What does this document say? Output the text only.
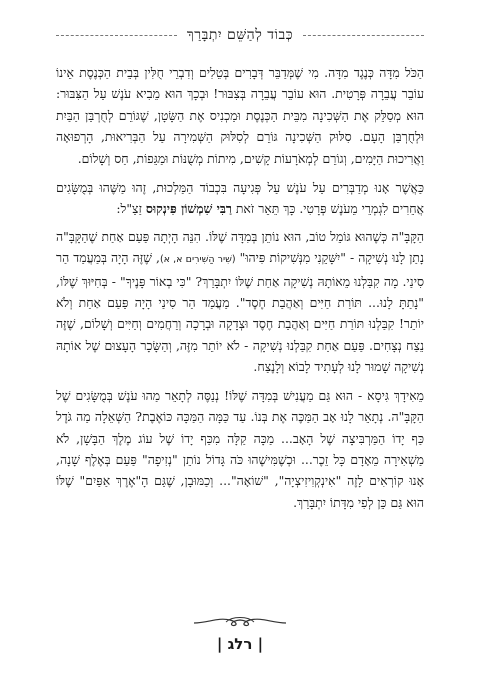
כְּבוֹד לְהַשֵּׁם יִתְבָּרַךְ

הַכֹּל מִדָּה כְּנֶגֶד מִדָּה. מִי שֶׁמְּדַבֵּר דְּבָרִים בְּטֵלִים וְדִבְרֵי חֻלִּין בְּבֵית הַכְּנֶסֶת אֵינוֹ עוֹבֵר עֲבֵרָה פְּרָטִית. הוּא עוֹבֵר עֲבֵרָה בְּצִבּוּר! וּבְכָךְ הוּא מֵבִיא עֹנֶשׁ עַל הַצִּבּוּר: הוּא מְסַלֵּק אֶת הַשְּׁכִינָה מִבֵּית הַכְּנֶסֶת וּמַכְנִיס אֶת הַשָּׂטָן, שֶׁגּוֹרֵם לְחֻרְבַּן הַבַּיִת וּלְחֻרְבַּן הָעָם. סִלּוּק הַשְּׁכִינָה גּוֹרֵם לְסִלּוּק הַשְּׁמִירָה עַל הַבְּרִיאוּת, הָרְפוּאָה וַאֲרִיכוּת הַיָּמִים, וְגוֹרֵם לְמְאֹרָעוֹת קָשִׁים, מִיתוֹת מְשֻׁנּוֹת וּמַגֵּפוֹת, חַס וְשָׁלוֹם.

כַּאֲשֶׁר אָנוּ מְדַבְּרִים עַל עֹנֶשׁ עַל פְּגִיעָה בִּכְבוֹד הַמַּלְכוּת, זֶהוּ מַשֶּׁהוּ בְּמֻשָּׂגִים אֲחֵרִים לִגְמְרֵי מֵעֹנֶשׁ פְּרָטִי. כָּךְ תֵּאֵר זֹאת רַבִּי שִׁמְשׁוֹן פִּינְקוּס זַצַ"ל:

הַקָּבָּ"ה כְּשֶׁהוּא גּוֹמֵל טוֹב, הוּא נוֹתֵן בְּמִדָּה שֶׁלּוֹ. הִנֵּה הָיְתָה פַּעַם אַחַת שֶׁהַקָּבָּ"ה נָתַן לָנוּ נְשִׁיקָה - "יִשָּׁקֵנִי מִנְּשִׁיקוֹת פִּיהוּ" (שִׁיר הַשִּׁירִים א, א), שֶׁזֶּה הָיָה בְּמַעֲמַד הַר סִינַי. מָה קִבַּלְנוּ מֵאוֹתָהּ נְשִׁיקָה אַחַת שֶׁלּוֹ יִתְבָּרַךְ? "כִּי בְאוֹר פָּנֶיךָ" - בְּחִיּוּךְ שֶׁלּוֹ, "נָתַתָּ לָנוּ... תּוֹרַת חַיִּים וְאַהֲבַת חֶסֶד". מַעֲמַד הַר סִינַי הָיָה פַּעַם אַחַת וְלֹא יוֹתֵר! קִבַּלְנוּ תּוֹרַת חַיִּים וְאַהֲבַת חֶסֶד וּצְדָקָה וּבְרָכָה וְרַחֲמִים וְחַיִּים וְשָׁלוֹם, שֶׁזֶּה נֵצַח נְצָחִים. פַּעַם אַחַת קִבַּלְנוּ נְשִׁיקָה - לֹא יוֹתֵר מִזֶּה, וְהַשָּׂכָר הָעָצוּם שֶׁל אוֹתָהּ נְשִׁיקָה שָׁמוּר לָנוּ לְעָתִיד לָבוֹא וְלָנֶצַח.

מֵאִידָךְ גִּיסָא - הוּא גַּם מַעֲנִישׁ בְּמִדָּה שֶׁלּוֹ! נְנַסֶּה לְתָאֵר מַהוּ עֹנֶשׁ בְּמֻשָּׂגִים שֶׁל הַקָּבָּ"ה. נְתָאֵר לָנוּ אָב הַמַּכֶּה אֶת בְּנוֹ. עַד כַּמָּה הַמַּכָּה כּוֹאֶבֶת? הַשְּׁאֵלָה מַה גֹּדֶל כַּף יָדוֹ הַמַּרְבִּיצָה שֶׁל הָאָב... מַכָּה קַלָּה מִכַּף יָדוֹ שֶׁל עוֹג מֶלֶךְ הַבָּשָׁן, לֹא מַשְׁאִירָה מֵאָדָם כָּל זֵכֶר... וּכְשֶׁמִּישֶׁהוּ כֹּה גָּדוֹל נוֹתֵן "נְזִיפָה" פַּעַם בְּאֶלֶף שָׁנָה, אָנוּ קוֹרְאִים לָזֶה "אִינְקְוִיזִיצְיָה", "שׁוֹאָה"... וְכַמּוּבָן, שֶׁגַּם הָ"אֶרֶךְ אַפַּיִם" שֶׁלּוֹ הוּא גַּם כֵּן לְפִי מִדָּתוֹ יִתְבָּרַךְ.

| רלג |
